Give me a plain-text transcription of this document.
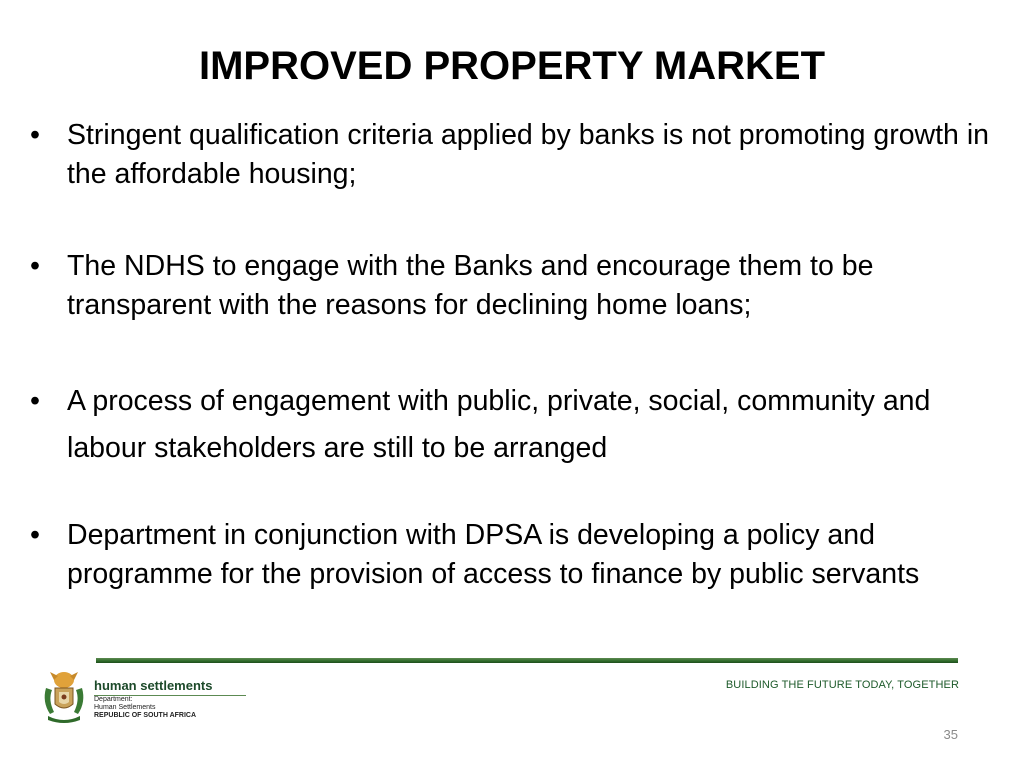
IMPROVED PROPERTY MARKET
• Stringent qualification criteria applied by banks is not promoting growth in the affordable housing;
• The NDHS to engage with the Banks and encourage them to be transparent with the reasons for declining home loans;
• A process of engagement with public, private, social, community and labour stakeholders are still to be arranged
• Department in conjunction with DPSA is developing a policy and programme for the provision of access to finance by public servants
human settlements
Department:
Human Settlements
REPUBLIC OF SOUTH AFRICA
BUILDING THE FUTURE TODAY, TOGETHER
35
